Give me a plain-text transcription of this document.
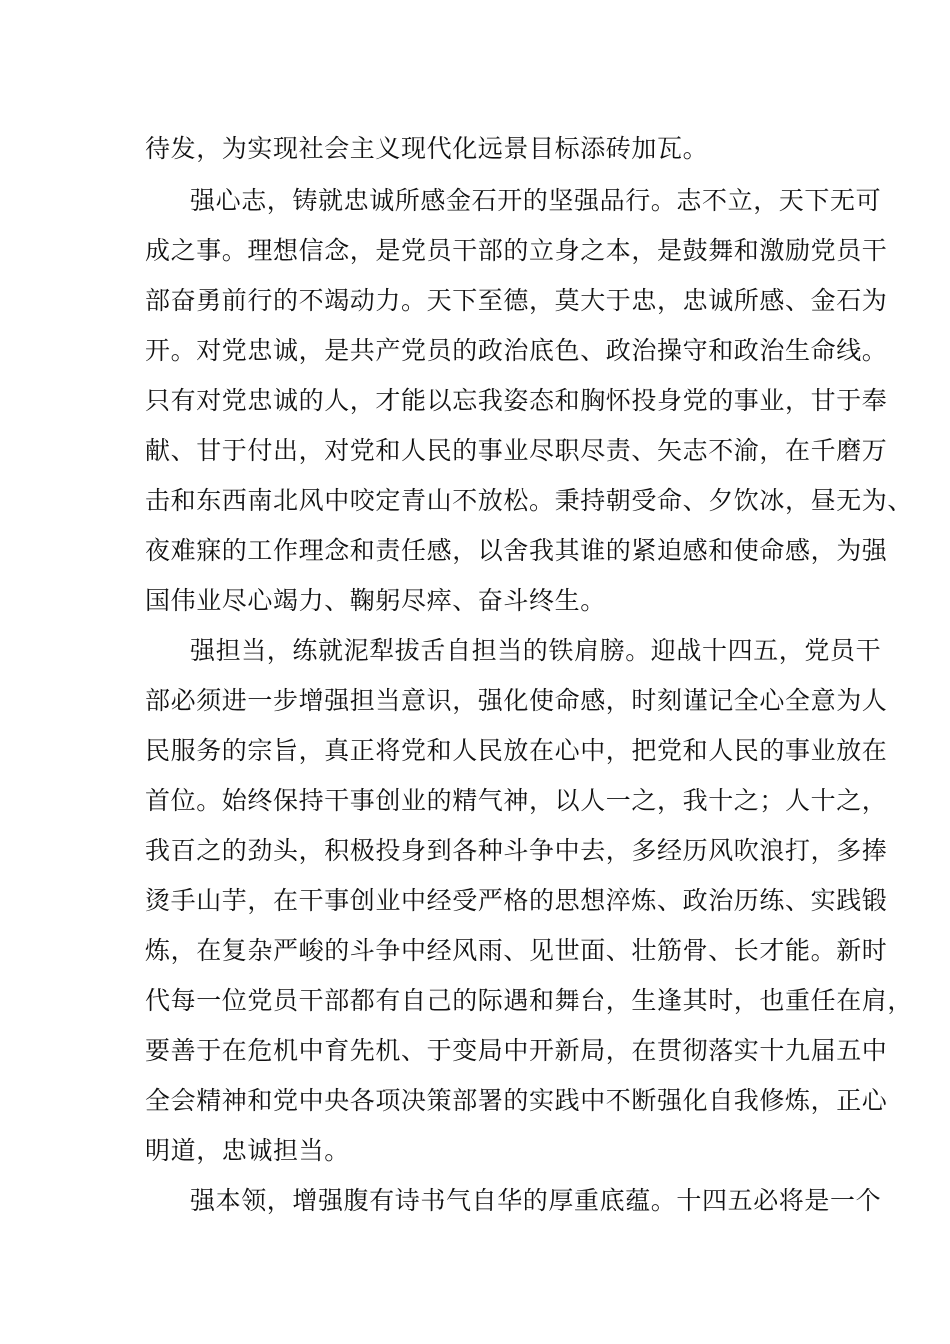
待发，为实现社会主义现代化远景目标添砖加瓦。
强心志，铸就忠诚所感金石开的坚强品行。志不立，天下无可
成之事。理想信念，是党员干部的立身之本，是鼓舞和激励党员干
部奋勇前行的不竭动力。天下至德，莫大于忠，忠诚所感、金石为
开。对党忠诚，是共产党员的政治底色、政治操守和政治生命线。
只有对党忠诚的人，才能以忘我姿态和胸怀投身党的事业，甘于奉
献、甘于付出，对党和人民的事业尽职尽责、矢志不渝，在千磨万
击和东西南北风中咬定青山不放松。秉持朝受命、夕饮冰，昼无为、
夜难寐的工作理念和责任感，以舍我其谁的紧迫感和使命感，为强
国伟业尽心竭力、鞠躬尽瘁、奋斗终生。
强担当，练就泥犁拔舌自担当的铁肩膀。迎战十四五，党员干
部必须进一步增强担当意识，强化使命感，时刻谨记全心全意为人
民服务的宗旨，真正将党和人民放在心中，把党和人民的事业放在
首位。始终保持干事创业的精气神，以人一之，我十之；人十之，
我百之的劲头，积极投身到各种斗争中去，多经历风吹浪打，多捧
烫手山芋，在干事创业中经受严格的思想淬炼、政治历练、实践锻
炼，在复杂严峻的斗争中经风雨、见世面、壮筋骨、长才能。新时
代每一位党员干部都有自己的际遇和舞台，生逢其时，也重任在肩，
要善于在危机中育先机、于变局中开新局，在贯彻落实十九届五中
全会精神和党中央各项决策部署的实践中不断强化自我修炼，正心
明道，忠诚担当。
强本领，增强腹有诗书气自华的厚重底蕴。十四五必将是一个
